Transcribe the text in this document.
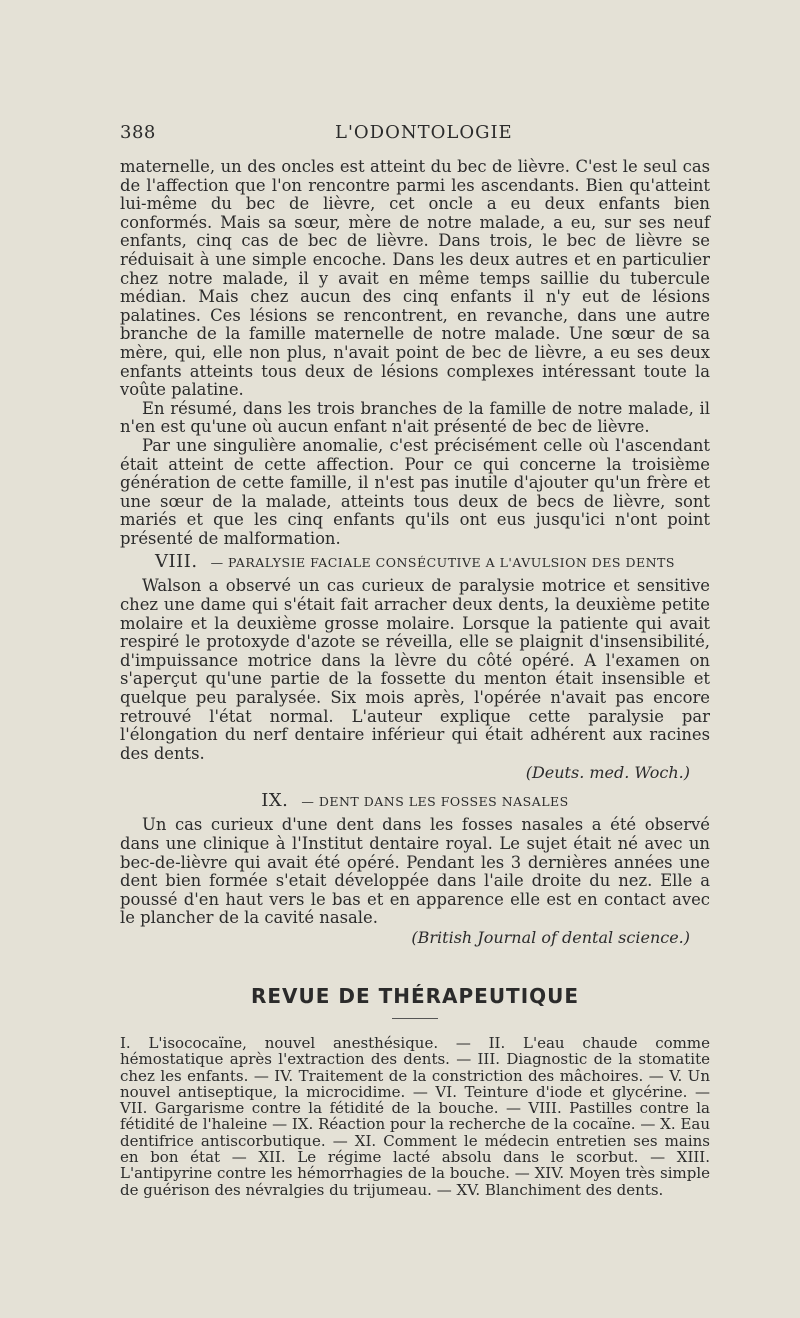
388	L'ODONTOLOGIE

maternelle, un des oncles est atteint du bec de lièvre. C'est le seul cas de l'affection que l'on rencontre parmi les ascendants. Bien qu'atteint lui-même du bec de lièvre, cet oncle a eu deux enfants bien conformés. Mais sa sœur, mère de notre malade, a eu, sur ses neuf enfants, cinq cas de bec de lièvre. Dans trois, le bec de lièvre se réduisait à une simple encoche. Dans les deux autres et en particulier chez notre malade, il y avait en même temps saillie du tubercule médian. Mais chez aucun des cinq enfants il n'y eut de lésions palatines. Ces lésions se rencontrent, en revanche, dans une autre branche de la famille maternelle de notre malade. Une sœur de sa mère, qui, elle non plus, n'avait point de bec de lièvre, a eu ses deux enfants atteints tous deux de lésions complexes intéressant toute la voûte palatine.

En résumé, dans les trois branches de la famille de notre malade, il n'en est qu'une où aucun enfant n'ait présenté de bec de lièvre.

Par une singulière anomalie, c'est précisément celle où l'ascendant était atteint de cette affection. Pour ce qui concerne la troisième génération de cette famille, il n'est pas inutile d'ajouter qu'un frère et une sœur de la malade, atteints tous deux de becs de lièvre, sont mariés et que les cinq enfants qu'ils ont eus jusqu'ici n'ont point présenté de malformation.

VIII. — PARALYSIE FACIALE CONSÉCUTIVE A L'AVULSION DES DENTS

Walson a observé un cas curieux de paralysie motrice et sensitive chez une dame qui s'était fait arracher deux dents, la deuxième petite molaire et la deuxième grosse molaire. Lorsque la patiente qui avait respiré le protoxyde d'azote se réveilla, elle se plaignit d'insensibilité, d'impuissance motrice dans la lèvre du côté opéré. A l'examen on s'aperçut qu'une partie de la fossette du menton était insensible et quelque peu paralysée. Six mois après, l'opérée n'avait pas encore retrouvé l'état normal. L'auteur explique cette paralysie par l'élongation du nerf dentaire inférieur qui était adhérent aux racines des dents.

(Deuts. med. Woch.)
IX. — DENT DANS LES FOSSES NASALES

Un cas curieux d'une dent dans les fosses nasales a été observé dans une clinique à l'Institut dentaire royal. Le sujet était né avec un bec-de-lièvre qui avait été opéré. Pendant les 3 dernières années une dent bien formée s'etait développée dans l'aile droite du nez. Elle a poussé d'en haut vers le bas et en apparence elle est en contact avec le plancher de la cavité nasale.

(British Journal of dental science.)
REVUE DE THÉRAPEUTIQUE

I. L'isococaïne, nouvel anesthésique. — II. L'eau chaude comme hémostatique après l'extraction des dents. — III. Diagnostic de la stomatite chez les enfants. — IV. Traitement de la constriction des mâchoires. — V. Un nouvel antiseptique, la microcidime. — VI. Teinture d'iode et glycérine. — VII. Gargarisme contre la fétidité de la bouche. — VIII. Pastilles contre la fétidité de l'haleine — IX. Réaction pour la recherche de la cocaïne. — X. Eau dentifrice antiscorbutique. — XI. Comment le médecin entretien ses mains en bon état — XII. Le régime lacté absolu dans le scorbut. — XIII. L'antipyrine contre les hémorrhagies de la bouche. — XIV. Moyen très simple de guérison des névralgies du trijumeau. — XV. Blanchiment des dents.
